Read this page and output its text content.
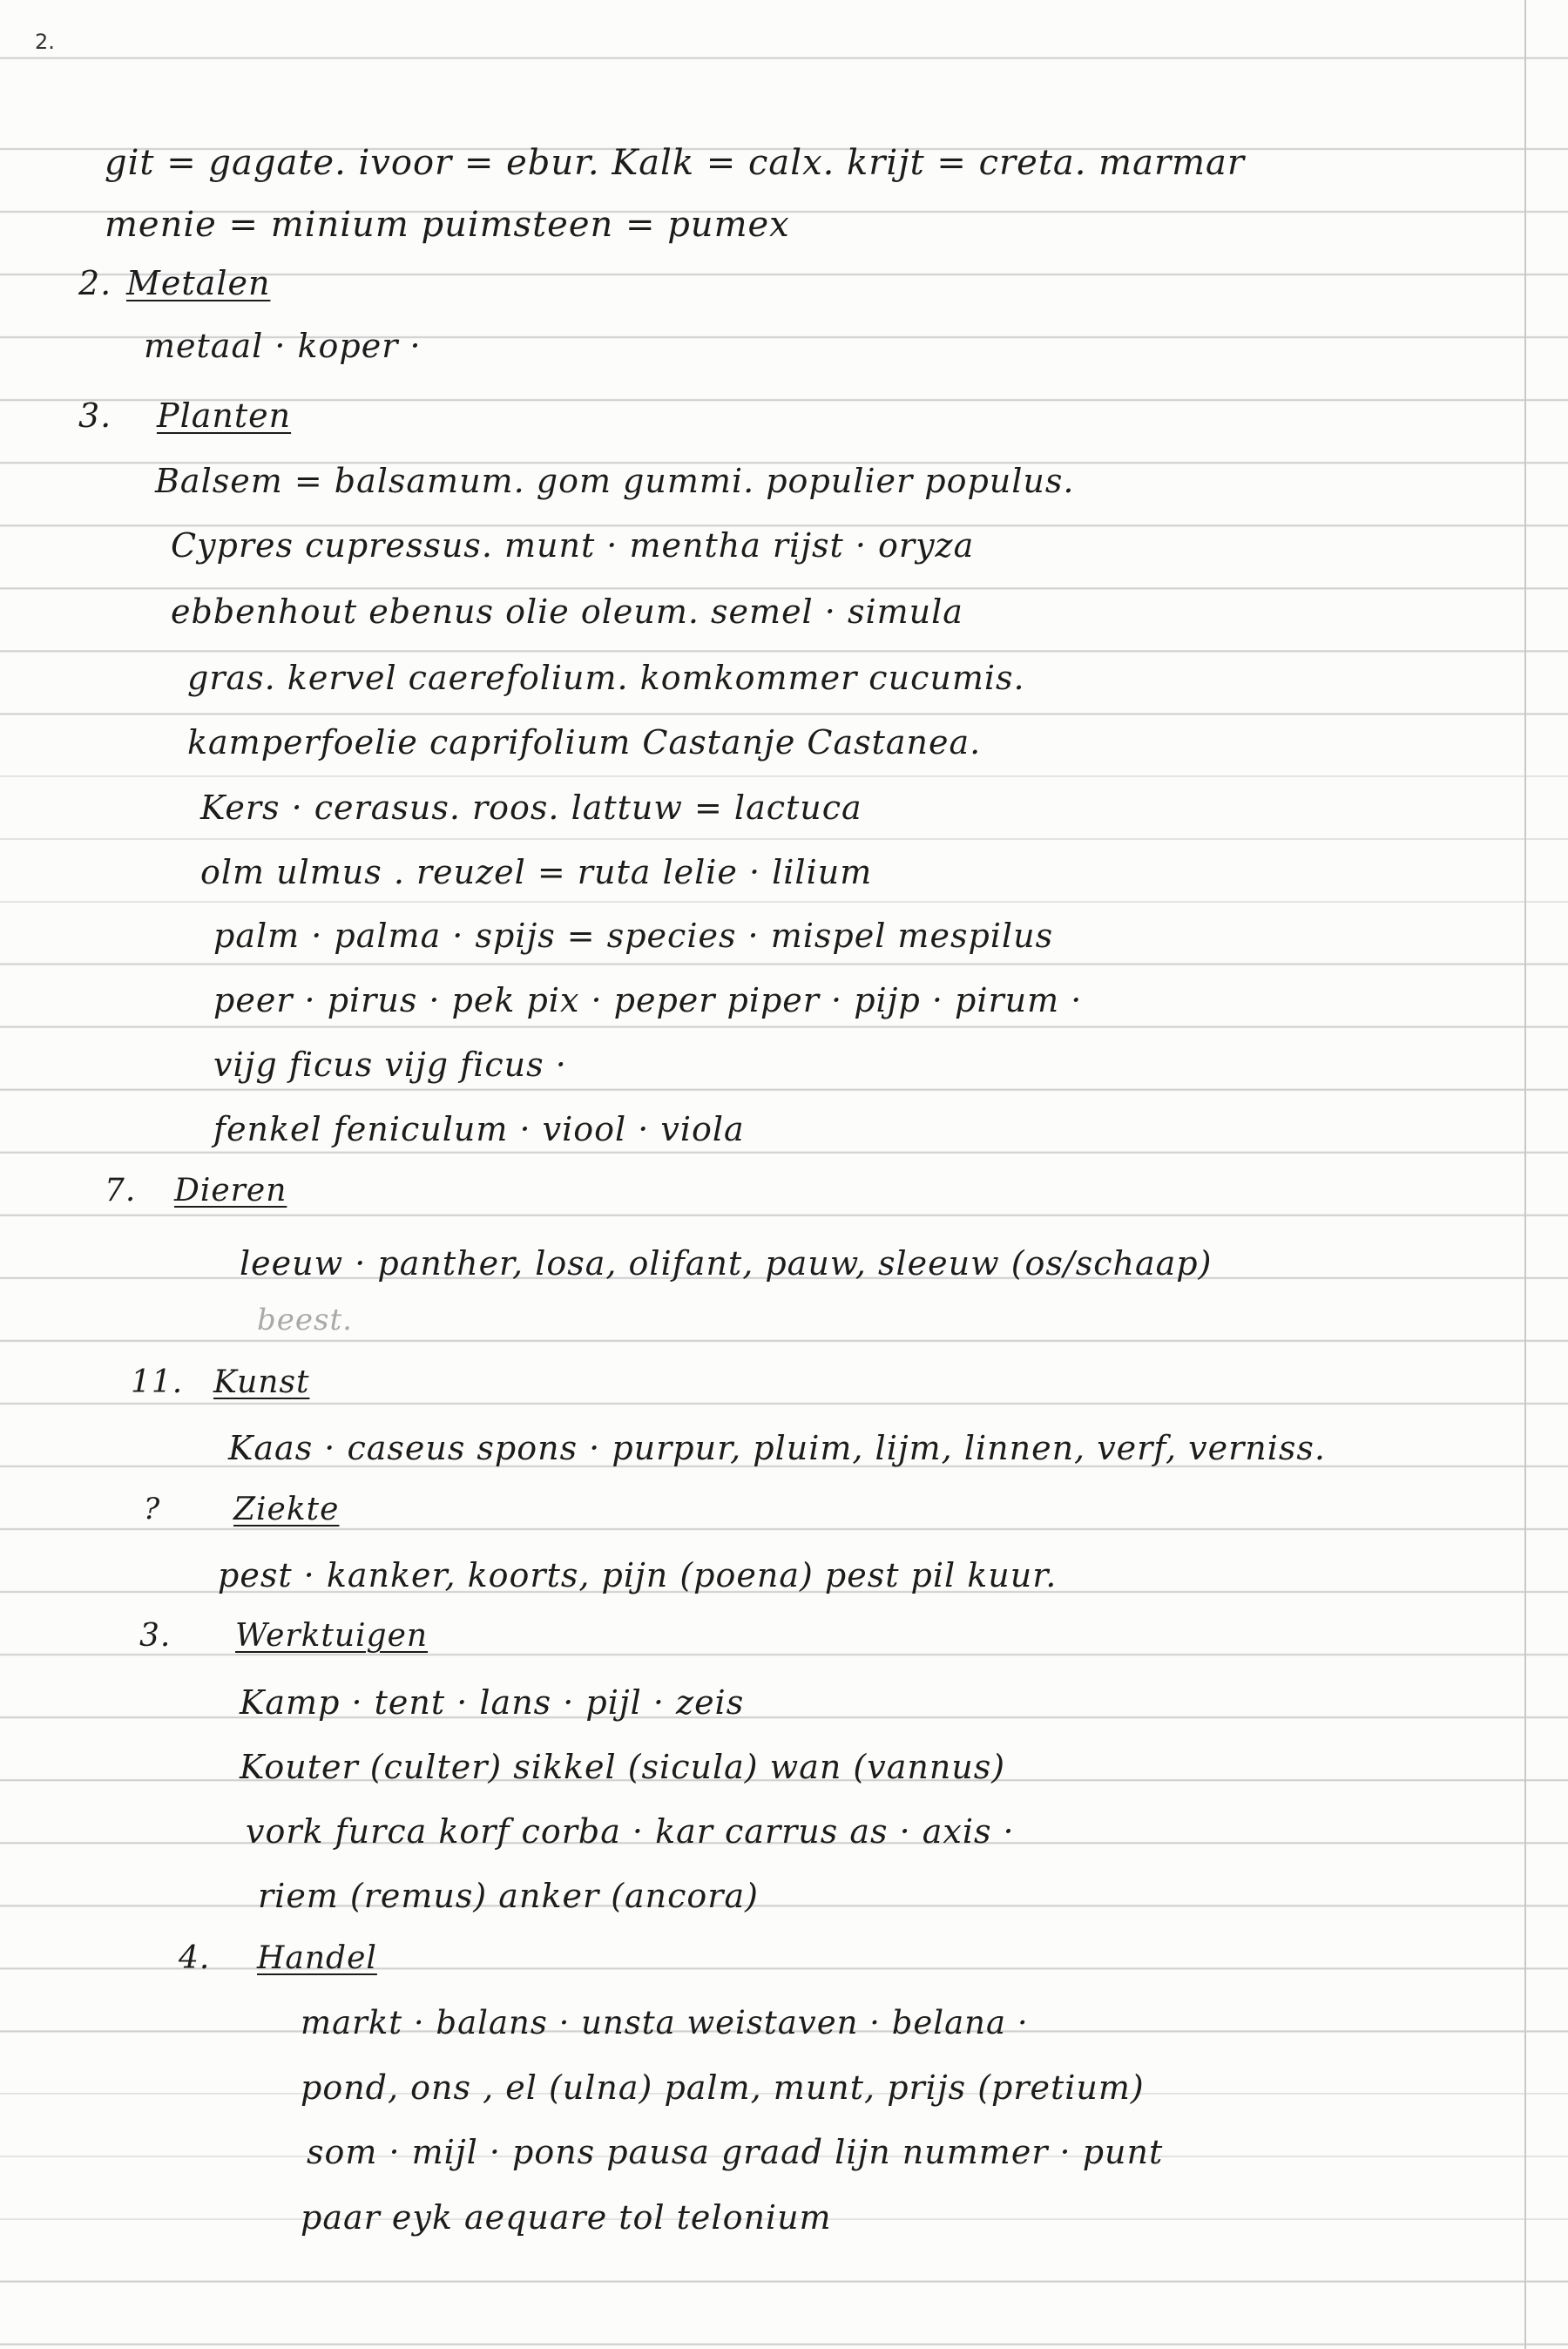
2.
git = gagate. ivoor = ebur. Kalk = calx. krijt = creta. marmar
menie = minium puimsteen = pumex
2. Metalen
metaal · koper ·
3. Planten
Balsem = balsamum. gom gummi. populier populus.
Cypres cupressus. munt · mentha rijst · oryza
ebbenhout ebenus olie oleum. semel · simula
gras. kervel caerefolium. komkommer cucumis.
kamperfoelie caprifolium Castanje Castanea.
Kers · cerasus. roos. lattuw = lactuca
olm ulmus . reuzel = ruta lelie · lilium
palm · palma · spijs = species · mispel mespilus
peer · pirus · pek pix · peper piper · pijp · pirum ·
vijg ficus vijg ficus ·
fenkel feniculum · viool · viola
7. Dieren
leeuw · panther, losa, olifant, pauw, sleeuw (os/schaap)
beest.
11. Kunst
Kaas · caseus spons · purpur, pluim, lijm, linnen, verf, verniss.
? Ziekte
pest · kanker, koorts, pijn (poena) pest pil kuur.
3. Werktuigen
Kamp · tent · lans · pijl · zeis
Kouter (culter) sikkel (sicula) wan (vannus)
vork furca korf corba · kar carrus as · axis ·
riem (remus) anker (ancora)
4. Handel
markt · balans · unsta weistaven · belana ·
pond, ons , el (ulna) palm, munt, prijs (pretium)
som · mijl · pons pausa graad lijn nummer · punt
paar eyk aequare tol telonium
